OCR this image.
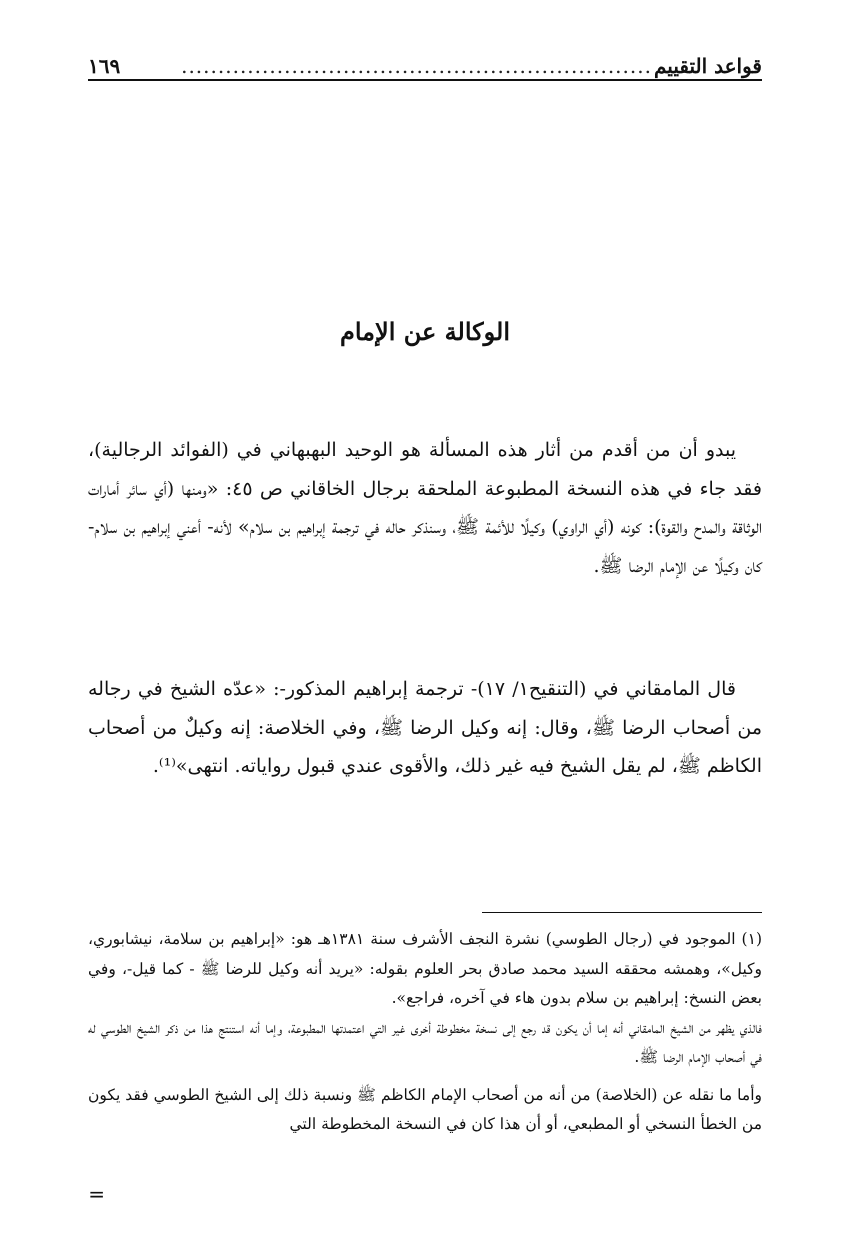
قواعد التقييم
................................................................
١٦٩
الوكالة عن الإمام

يبدو أن من أقدم من أثار هذه المسألة هو الوحيد البهبهاني في (الفوائد الرجالية)، فقد جاء في هذه النسخة المطبوعة الملحقة برجال الخاقاني ص ٤٥: «ومنها (أي سائر أمارات الوثاقة والمدح والقوة): كونه (أي الراوي) وكيلًا للأئمة ﷺ، وسنذكر حاله في ترجمة إبراهيم بن سلام» لأنه- أعني إبراهيم بن سلام- كان وكيلًا عن الإمام الرضا ﷺ.

قال المامقاني في (التنقيح١/ ١٧)- ترجمة إبراهيم المذكور-: «عدّه الشيخ في رجاله من أصحاب الرضا ﷺ، وقال: إنه وكيل الرضا ﷺ، وفي الخلاصة: إنه وكيلٌ من أصحاب الكاظم ﷺ، لم يقل الشيخ فيه غير ذلك، والأقوى عندي قبول رواياته. انتهى»⁽¹⁾.

(١) الموجود في (رجال الطوسي) نشرة النجف الأشرف سنة ١٣٨١هـ هو: «إبراهيم بن سلامة، نيشابوري، وكيل»، وهمشه محققه السيد محمد صادق بحر العلوم بقوله: «يريد أنه وكيل للرضا ﷺ - كما قيل-، وفي بعض النسخ: إبراهيم بن سلام بدون هاء في آخره، فراجع».

فالذي يظهر من الشيخ المامقاني أنه إما أن يكون قد رجع إلى نسخة مخطوطة أخرى غير التي اعتمدتها المطبوعة، وإما أنه استنتج هذا من ذكر الشيخ الطوسي له في أصحاب الإمام الرضا ﷺ.

وأما ما نقله عن (الخلاصة) من أنه من أصحاب الإمام الكاظم ﷺ ونسبة ذلك إلى الشيخ الطوسي فقد يكون من الخطأ النسخي أو المطبعي، أو أن هذا كان في النسخة المخطوطة التي

=
